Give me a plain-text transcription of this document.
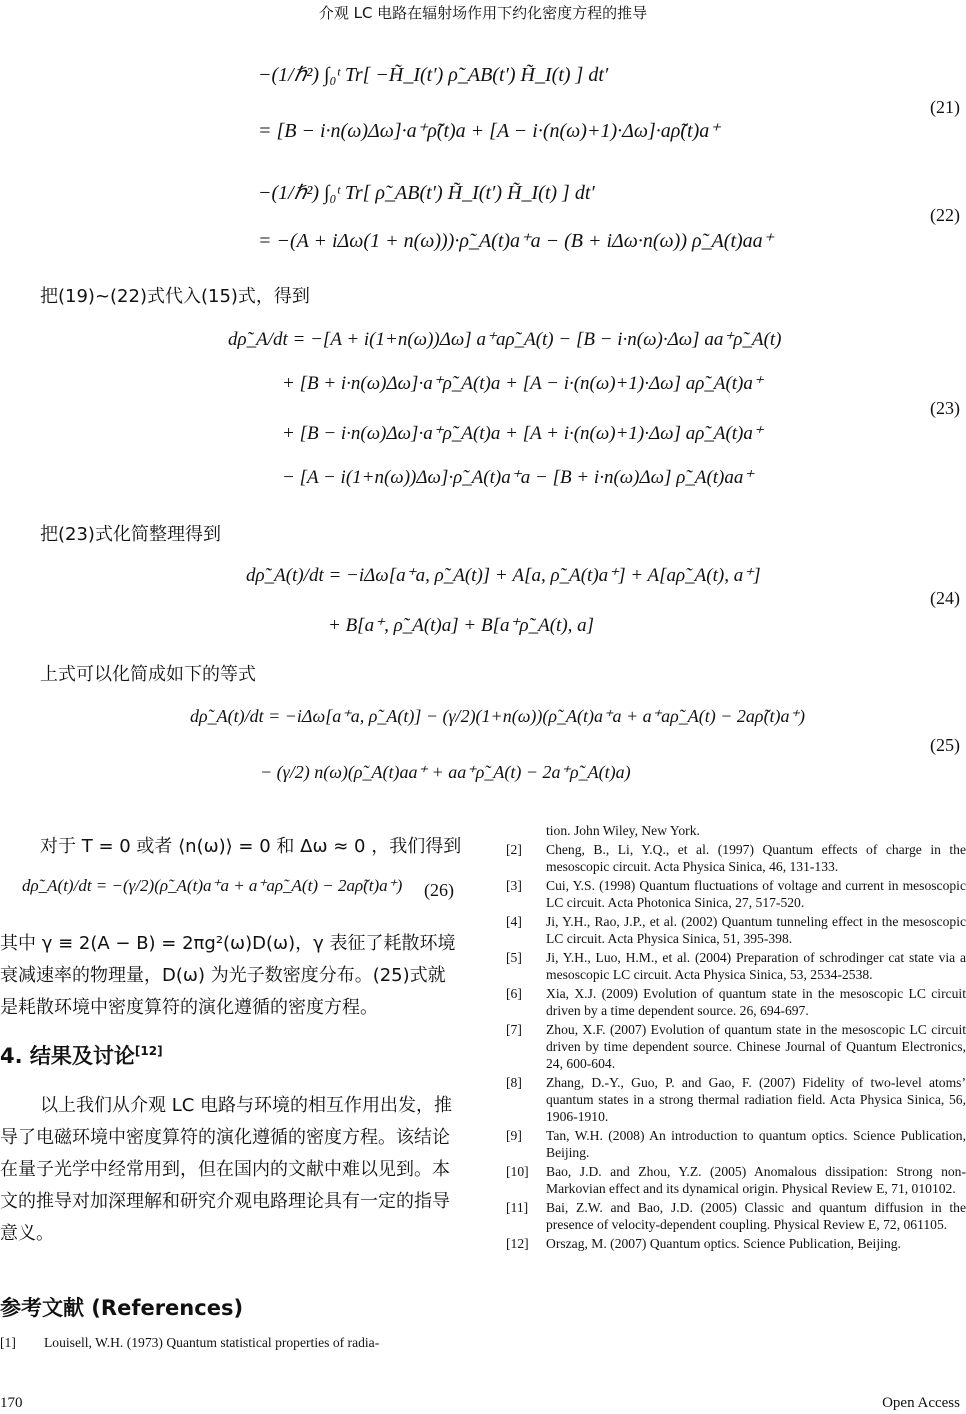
介观 LC 电路在辐射场作用下约化密度方程的推导
−(1/ℏ²) ∫₀ᵗ Tr[ −H̃_I(t′) ρ̃_AB(t′) H̃_I(t) ] dt′
= [B − i·n(ω)Δω]·a⁺ρ̃(t)a + [A − i·(n(ω)+1)·Δω]·aρ̃(t)a⁺
(21)
−(1/ℏ²) ∫₀ᵗ Tr[ ρ̃_AB(t′) H̃_I(t′) H̃_I(t) ] dt′
= −(A + iΔω(1 + n(ω)))·ρ̃_A(t)a⁺a − (B + iΔω·n(ω)) ρ̃_A(t)aa⁺
(22)
把(19)~(22)式代入(15)式，得到
dρ̃_A/dt = −[A + i(1+n(ω))Δω] a⁺aρ̃_A(t) − [B − i·n(ω)·Δω] aa⁺ρ̃_A(t)
+ [B + i·n(ω)Δω]·a⁺ρ̃_A(t)a + [A − i·(n(ω)+1)·Δω] aρ̃_A(t)a⁺
+ [B − i·n(ω)Δω]·a⁺ρ̃_A(t)a + [A + i·(n(ω)+1)·Δω] aρ̃_A(t)a⁺
− [A − i(1+n(ω))Δω]·ρ̃_A(t)a⁺a − [B + i·n(ω)Δω] ρ̃_A(t)aa⁺
(23)
把(23)式化简整理得到
dρ̃_A(t)/dt = −iΔω[a⁺a, ρ̃_A(t)] + A[a, ρ̃_A(t)a⁺] + A[aρ̃_A(t), a⁺]
+ B[a⁺, ρ̃_A(t)a] + B[a⁺ρ̃_A(t), a]
(24)
上式可以化简成如下的等式
dρ̃_A(t)/dt = −iΔω[a⁺a, ρ̃_A(t)] − (γ/2)(1+n(ω))(ρ̃_A(t)a⁺a + a⁺aρ̃_A(t) − 2aρ̃(t)a⁺)
− (γ/2) n(ω)(ρ̃_A(t)aa⁺ + aa⁺ρ̃_A(t) − 2a⁺ρ̃_A(t)a)
(25)
对于 T = 0 或者 ⟨n(ω)⟩ = 0 和 Δω ≈ 0 ，我们得到
dρ̃_A(t)/dt = −(γ/2)(ρ̃_A(t)a⁺a + a⁺aρ̃_A(t) − 2aρ̃(t)a⁺) (26)
其中 γ ≡ 2(A − B) = 2πg²(ω)D(ω)，γ 表征了耗散环境衰减速率的物理量，D(ω) 为光子数密度分布。(25)式就是耗散环境中密度算符的演化遵循的密度方程。
4. 结果及讨论[12]
以上我们从介观 LC 电路与环境的相互作用出发，推导了电磁环境中密度算符的演化遵循的密度方程。该结论在量子光学中经常用到，但在国内的文献中难以见到。本文的推导对加深理解和研究介观电路理论具有一定的指导意义。
参考文献 (References)
[1]	Louisell, W.H. (1973) Quantum statistical properties of radia-
tion. John Wiley, New York.
[2]	Cheng, B., Li, Y.Q., et al. (1997) Quantum effects of charge in the mesoscopic circuit. Acta Physica Sinica, 46, 131-133.
[3]	Cui, Y.S. (1998) Quantum fluctuations of voltage and current in mesoscopic LC circuit. Acta Photonica Sinica, 27, 517-520.
[4]	Ji, Y.H., Rao, J.P., et al. (2002) Quantum tunneling effect in the mesoscopic LC circuit. Acta Physica Sinica, 51, 395-398.
[5]	Ji, Y.H., Luo, H.M., et al. (2004) Preparation of schrodinger cat state via a mesoscopic LC circuit. Acta Physica Sinica, 53, 2534-2538.
[6]	Xia, X.J. (2009) Evolution of quantum state in the mesoscopic LC circuit driven by a time dependent source. 26, 694-697.
[7]	Zhou, X.F. (2007) Evolution of quantum state in the mesoscopic LC circuit driven by time dependent source. Chinese Journal of Quantum Electronics, 24, 600-604.
[8]	Zhang, D.-Y., Guo, P. and Gao, F. (2007) Fidelity of two-level atoms’ quantum states in a strong thermal radiation field. Acta Physica Sinica, 56, 1906-1910.
[9]	Tan, W.H. (2008) An introduction to quantum optics. Science Publication, Beijing.
[10]	Bao, J.D. and Zhou, Y.Z. (2005) Anomalous dissipation: Strong non-Markovian effect and its dynamical origin. Physical Review E, 71, 010102.
[11]	Bai, Z.W. and Bao, J.D. (2005) Classic and quantum diffusion in the presence of velocity-dependent coupling. Physical Review E, 72, 061105.
[12]	Orszag, M. (2007) Quantum optics. Science Publication, Beijing.
170	Open Access
